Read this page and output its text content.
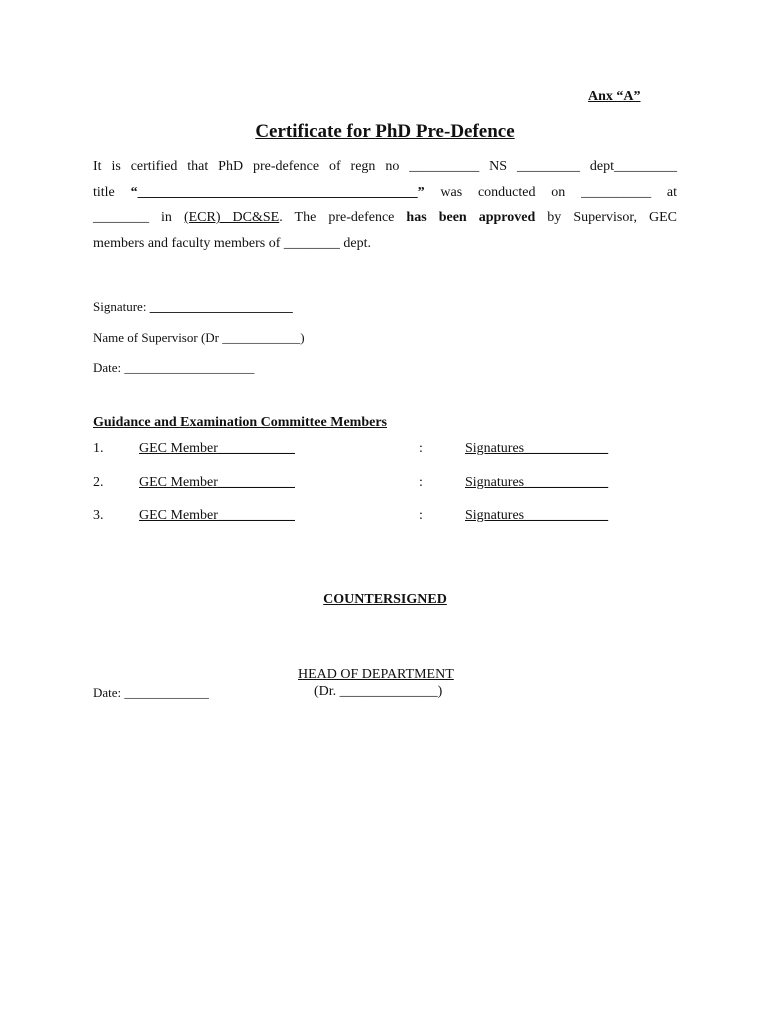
Anx “A”
Certificate for PhD Pre-Defence
It is certified that PhD pre-defence of regn no __________ NS _________ dept_________
title “________________________________________” was conducted on __________ at
________ in (ECR) DC&SE. The pre-defence has been approved by Supervisor, GEC
members and faculty members of ________ dept.
Signature: ______________________
Name of Supervisor (Dr ____________)
Date: ____________________
Guidance and Examination Committee Members
1.	GEC Member___________	:	Signatures____________
2.	GEC Member___________	:	Signatures____________
3.	GEC Member___________	:	Signatures____________
COUNTERSIGNED
HEAD OF DEPARTMENT
(Dr. ______________)
Date: _____________
